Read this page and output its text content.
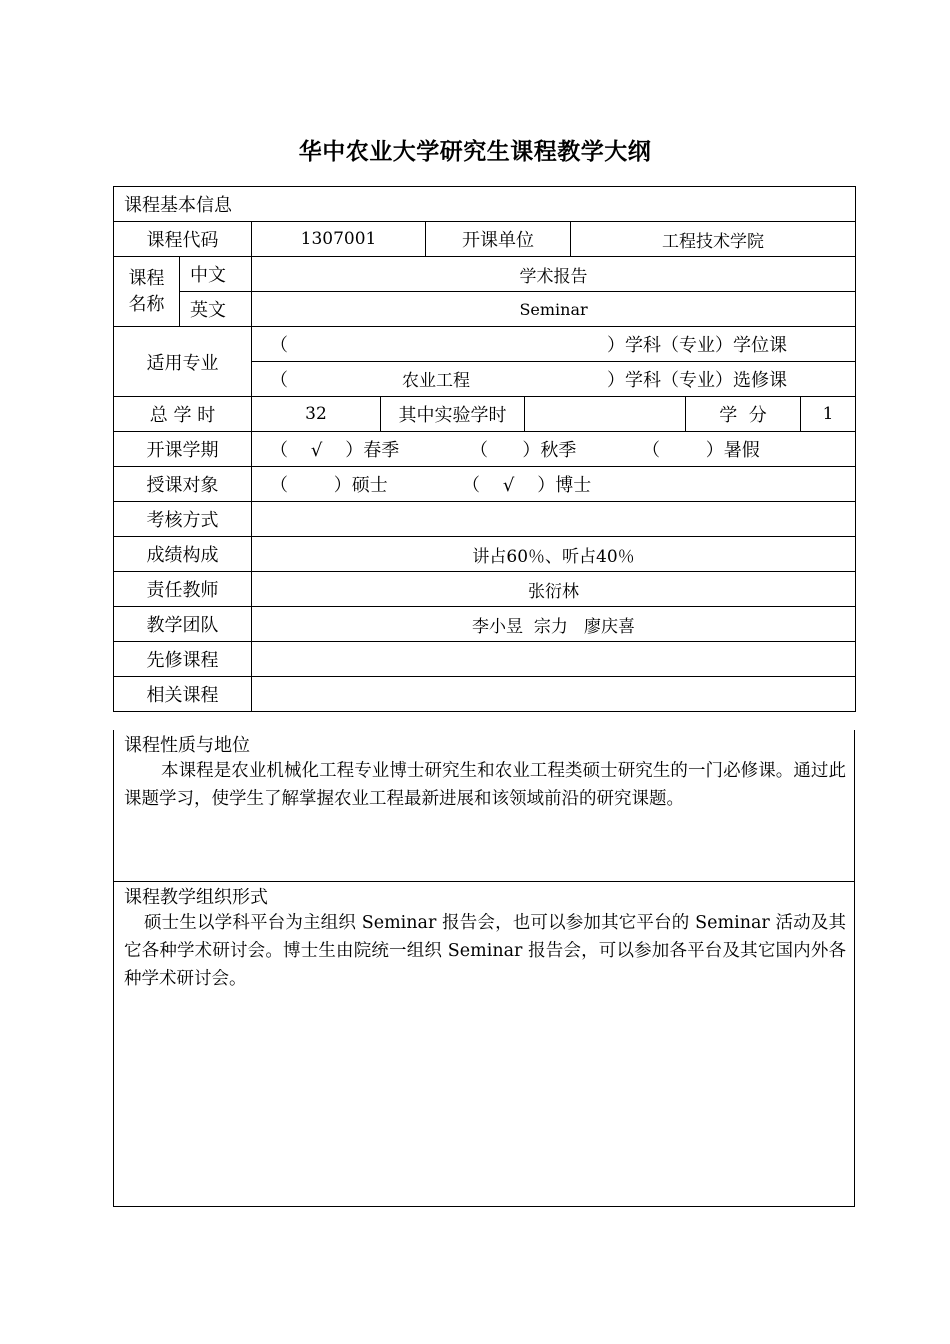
华中农业大学研究生课程教学大纲
课程基本信息								
课程代码		1307001		开课单位		工程技术学院		
课程
名称	中文	学术报告						
	英文	Seminar						
适用专业		（ ）学科（专业）学位课						
		（ 农业工程 ）学科（专业）选修课						
总 学 时		32	其中实验学时				学  分	1
开课学期		（    √    ）春季 （      ）秋季 （        ）暑假						
授课对象		（        ）硕士 （    √    ）博士						
考核方式								
成绩构成		讲占60％、听占40％						
责任教师		张衍林						
教学团队		李小昱  宗力   廖庆喜						
先修课程								
相关课程								
课程性质与地位
本课程是农业机械化工程专业博士研究生和农业工程类硕士研究生的一门必修课。通过此课题学习，使学生了解掌握农业工程最新进展和该领域前沿的研究课题。
课程教学组织形式
硕士生以学科平台为主组织 Seminar 报告会，也可以参加其它平台的 Seminar 活动及其它各种学术研讨会。博士生由院统一组织 Seminar 报告会，可以参加各平台及其它国内外各种学术研讨会。
